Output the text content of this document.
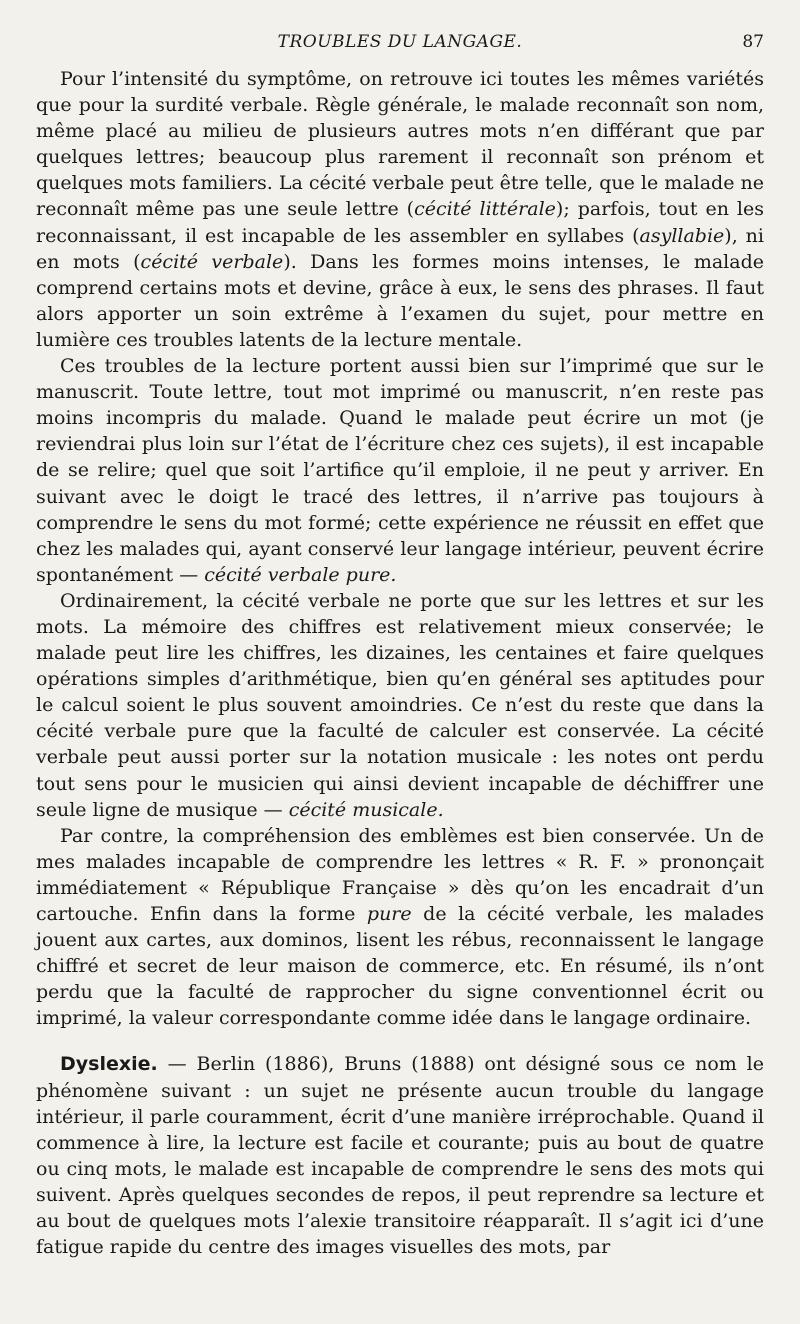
TROUBLES DU LANGAGE.	87

Pour l’intensité du symptôme, on retrouve ici toutes les mêmes variétés que pour la surdité verbale. Règle générale, le malade reconnaît son nom, même placé au milieu de plusieurs autres mots n’en différant que par quelques lettres; beaucoup plus rarement il reconnaît son prénom et quelques mots familiers. La cécité verbale peut être telle, que le malade ne reconnaît même pas une seule lettre (cécité littérale); parfois, tout en les reconnaissant, il est incapable de les assembler en syllabes (asyllabie), ni en mots (cécité verbale). Dans les formes moins intenses, le malade comprend certains mots et devine, grâce à eux, le sens des phrases. Il faut alors apporter un soin extrême à l’examen du sujet, pour mettre en lumière ces troubles latents de la lecture mentale.

Ces troubles de la lecture portent aussi bien sur l’imprimé que sur le manuscrit. Toute lettre, tout mot imprimé ou manuscrit, n’en reste pas moins incompris du malade. Quand le malade peut écrire un mot (je reviendrai plus loin sur l’état de l’écriture chez ces sujets), il est incapable de se relire; quel que soit l’artifice qu’il emploie, il ne peut y arriver. En suivant avec le doigt le tracé des lettres, il n’arrive pas toujours à comprendre le sens du mot formé; cette expérience ne réussit en effet que chez les malades qui, ayant conservé leur langage intérieur, peuvent écrire spontanément — cécité verbale pure.

Ordinairement, la cécité verbale ne porte que sur les lettres et sur les mots. La mémoire des chiffres est relativement mieux conservée; le malade peut lire les chiffres, les dizaines, les centaines et faire quelques opérations simples d’arithmétique, bien qu’en général ses aptitudes pour le calcul soient le plus souvent amoindries. Ce n’est du reste que dans la cécité verbale pure que la faculté de calculer est conservée. La cécité verbale peut aussi porter sur la notation musicale : les notes ont perdu tout sens pour le musicien qui ainsi devient incapable de déchiffrer une seule ligne de musique — cécité musicale.

Par contre, la compréhension des emblèmes est bien conservée. Un de mes malades incapable de comprendre les lettres « R. F. » prononçait immédiatement « République Française » dès qu’on les encadrait d’un cartouche. Enfin dans la forme pure de la cécité verbale, les malades jouent aux cartes, aux dominos, lisent les rébus, reconnaissent le langage chiffré et secret de leur maison de commerce, etc. En résumé, ils n’ont perdu que la faculté de rapprocher du signe conventionnel écrit ou imprimé, la valeur correspondante comme idée dans le langage ordinaire.

Dyslexie. — Berlin (1886), Bruns (1888) ont désigné sous ce nom le phénomène suivant : un sujet ne présente aucun trouble du langage intérieur, il parle couramment, écrit d’une manière irréprochable. Quand il commence à lire, la lecture est facile et courante; puis au bout de quatre ou cinq mots, le malade est incapable de comprendre le sens des mots qui suivent. Après quelques secondes de repos, il peut reprendre sa lecture et au bout de quelques mots l’alexie transitoire réapparaît. Il s’agit ici d’une fatigue rapide du centre des images visuelles des mots, par
